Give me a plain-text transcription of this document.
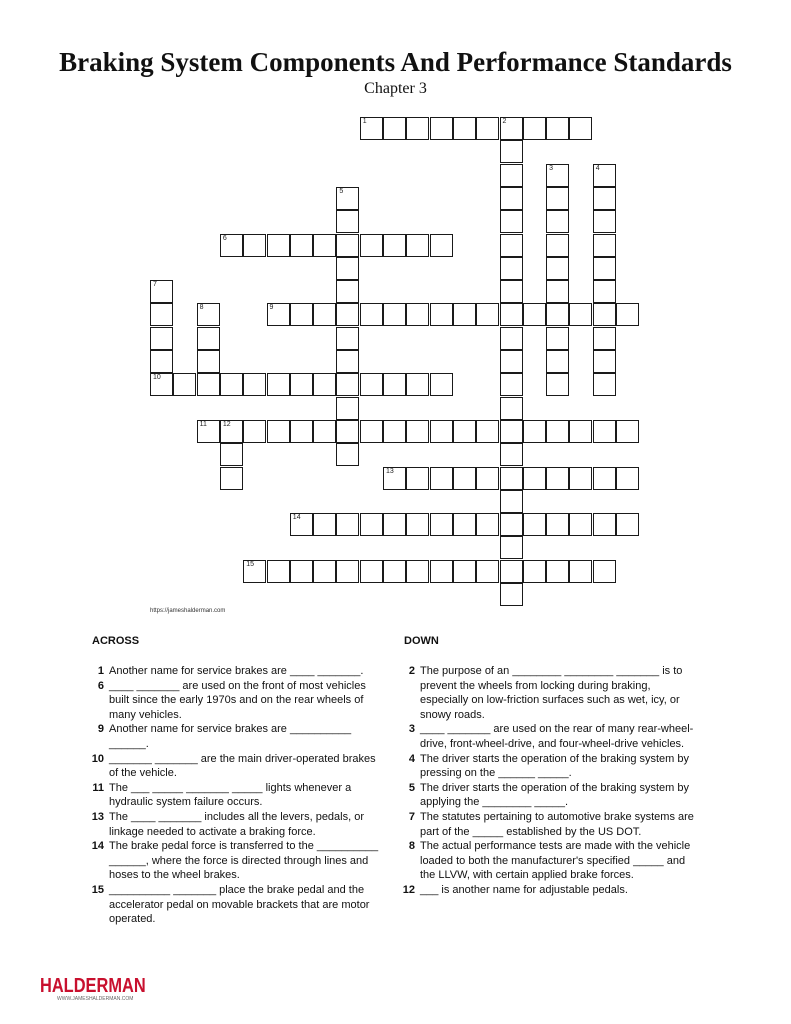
Braking System Components And Performance Standards
Chapter 3
1	2
3	4
5
6
7
10
8	9
11 12
13
14
15
https://jameshalderman.com
ACROSS	DOWN
1 Another name for service brakes are ____ _______.
6 ____ _______ are used on the front of most vehicles built since the early 1970s and on the rear wheels of many vehicles.
9 Another name for service brakes are __________ ______.
10 _______ _______ are the main driver-operated brakes of the vehicle.
11 The ___ _____ _______ _____ lights whenever a hydraulic system failure occurs.
13 The ____ _______ includes all the levers, pedals, or linkage needed to activate a braking force.
14 The brake pedal force is transferred to the __________ ______, where the force is directed through lines and hoses to the wheel brakes.
15 __________ _______ place the brake pedal and the accelerator pedal on movable brackets that are motor operated.
2 The purpose of an ________ ________ _______ is to prevent the wheels from locking during braking, especially on low-friction surfaces such as wet, icy, or snowy roads.
3 ____ _______ are used on the rear of many rear-wheel-drive, front-wheel-drive, and four-wheel-drive vehicles.
4 The driver starts the operation of the braking system by pressing on the ______ _____.
5 The driver starts the operation of the braking system by applying the ________ _____.
7 The statutes pertaining to automotive brake systems are part of the _____ established by the US DOT.
8 The actual performance tests are made with the vehicle loaded to both the manufacturer's specified _____ and the LLVW, with certain applied brake forces.
12 ___ is another name for adjustable pedals.
HALDERMAN
WWW.JAMESHALDERMAN.COM
